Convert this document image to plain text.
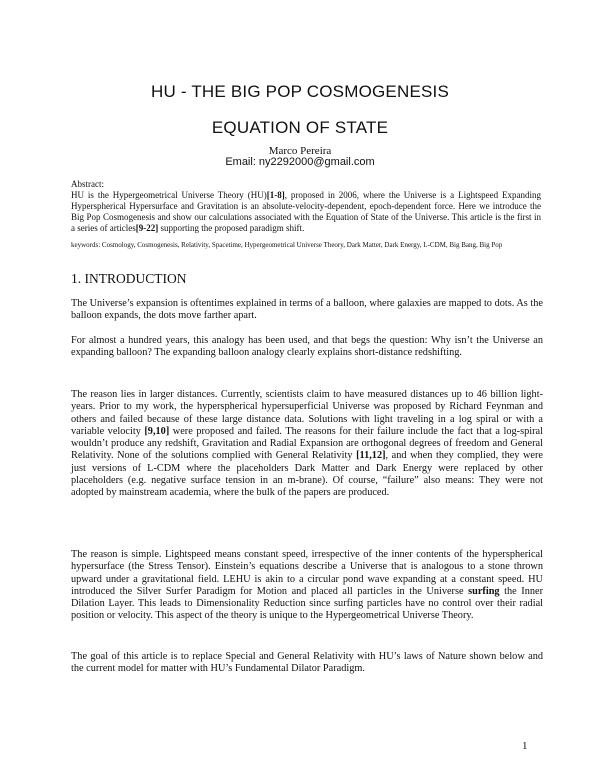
HU - THE BIG POP COSMOGENESIS
EQUATION OF STATE
Marco Pereira
Email: ny2292000@gmail.com
Abstract:
HU is the Hypergeometrical Universe Theory (HU)[1-8], proposed in 2006, where the Universe is a Lightspeed Expanding Hyperspherical Hypersurface and Gravitation is an absolute-velocity-dependent, epoch-dependent force. Here we introduce the Big Pop Cosmogenesis and show our calculations associated with the Equation of State of the Universe. This article is the first in a series of articles[9-22] supporting the proposed paradigm shift.
keywords: Cosmology, Cosmogenesis, Relativity, Spacetime, Hypergeometrical Universe Theory, Dark Matter, Dark Energy, L-CDM, Big Bang, Big Pop
1. INTRODUCTION
The Universe’s expansion is oftentimes explained in terms of a balloon, where galaxies are mapped to dots. As the balloon expands, the dots move farther apart.
For almost a hundred years, this analogy has been used, and that begs the question: Why isn’t the Universe an expanding balloon? The expanding balloon analogy clearly explains short-distance redshifting.
The reason lies in larger distances. Currently, scientists claim to have measured distances up to 46 billion light-years. Prior to my work, the hyperspherical hypersuperficial Universe was proposed by Richard Feynman and others and failed because of these large distance data. Solutions with light traveling in a log spiral or with a variable velocity [9,10] were proposed and failed. The reasons for their failure include the fact that a log-spiral wouldn’t produce any redshift, Gravitation and Radial Expansion are orthogonal degrees of freedom and General Relativity. None of the solutions complied with General Relativity [11,12], and when they complied, they were just versions of L-CDM where the placeholders Dark Matter and Dark Energy were replaced by other placeholders (e.g. negative surface tension in an m-brane). Of course, “failure” also means: They were not adopted by mainstream academia, where the bulk of the papers are produced.
The reason is simple. Lightspeed means constant speed, irrespective of the inner contents of the hyperspherical hypersurface (the Stress Tensor). Einstein’s equations describe a Universe that is analogous to a stone thrown upward under a gravitational field. LEHU is akin to a circular pond wave expanding at a constant speed. HU introduced the Silver Surfer Paradigm for Motion and placed all particles in the Universe surfing the Inner Dilation Layer. This leads to Dimensionality Reduction since surfing particles have no control over their radial position or velocity. This aspect of the theory is unique to the Hypergeometrical Universe Theory.
The goal of this article is to replace Special and General Relativity with HU’s laws of Nature shown below and the current model for matter with HU’s Fundamental Dilator Paradigm.
1
